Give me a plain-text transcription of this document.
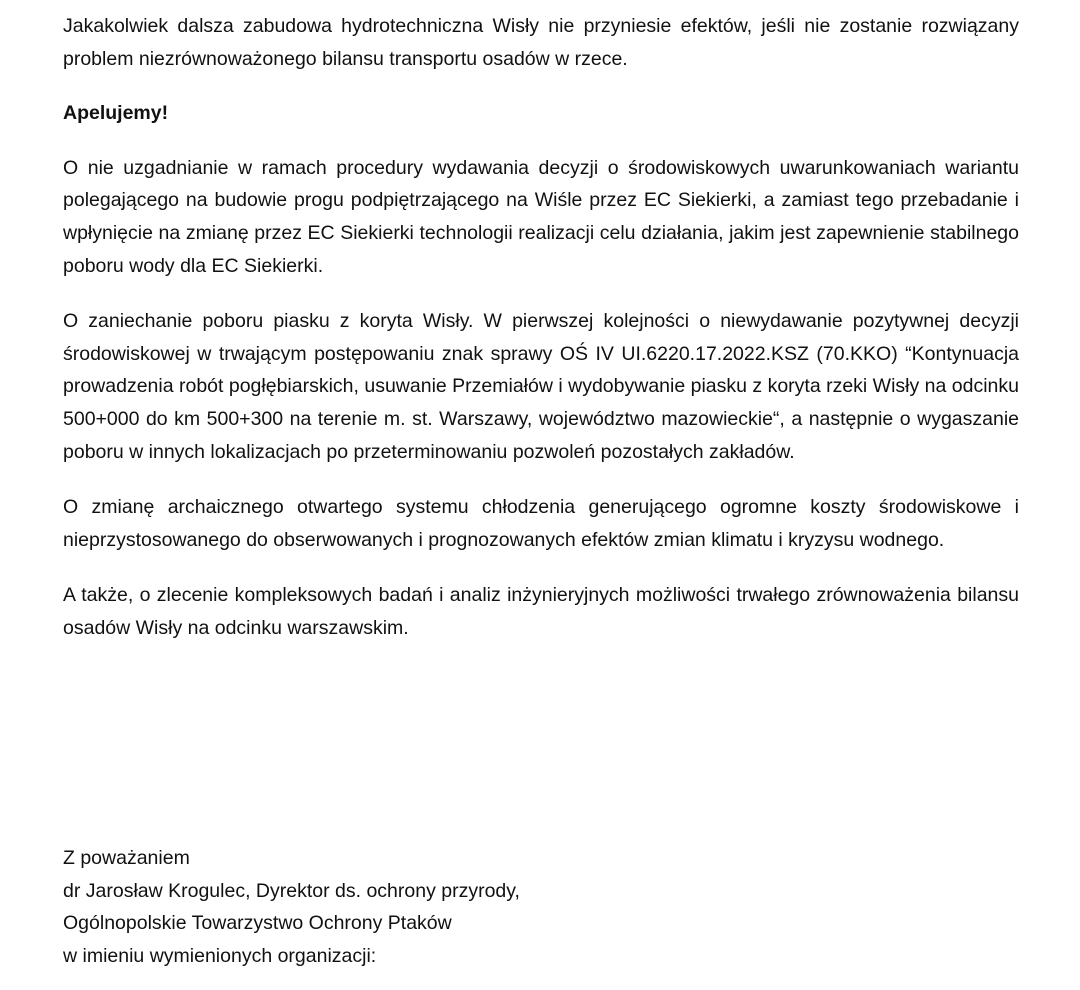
Jakakolwiek dalsza zabudowa hydrotechniczna Wisły nie przyniesie efektów, jeśli nie zostanie rozwiązany problem niezrównoważonego bilansu transportu osadów w rzece.

Apelujemy!

O nie uzgadnianie w ramach procedury wydawania decyzji o środowiskowych uwarunkowaniach wariantu polegającego na budowie progu podpiętrzającego na Wiśle przez EC Siekierki, a zamiast tego przebadanie i wpłynięcie na zmianę przez EC Siekierki technologii realizacji celu działania, jakim jest zapewnienie stabilnego poboru wody dla EC Siekierki.

O zaniechanie poboru piasku z koryta Wisły. W pierwszej kolejności o niewydawanie pozytywnej decyzji środowiskowej w trwającym postępowaniu znak sprawy OŚ IV UI.6220.17.2022.KSZ (70.KKO) “Kontynuacja prowadzenia robót pogłębiarskich, usuwanie Przemiałów i wydobywanie piasku z koryta rzeki Wisły na odcinku 500+000 do km 500+300 na terenie m. st. Warszawy, województwo mazowieckie“, a następnie o wygaszanie poboru w innych lokalizacjach po przeterminowaniu pozwoleń pozostałych zakładów.

O zmianę archaicznego otwartego systemu chłodzenia generującego ogromne koszty środowiskowe i nieprzystosowanego do obserwowanych i prognozowanych efektów zmian klimatu i kryzysu wodnego.

A także, o zlecenie kompleksowych badań i analiz inżynieryjnych możliwości trwałego zrównoważenia bilansu osadów Wisły na odcinku warszawskim.

Z poważaniem
dr Jarosław Krogulec, Dyrektor ds. ochrony przyrody,
Ogólnopolskie Towarzystwo Ochrony Ptaków
w imieniu wymienionych organizacji:
